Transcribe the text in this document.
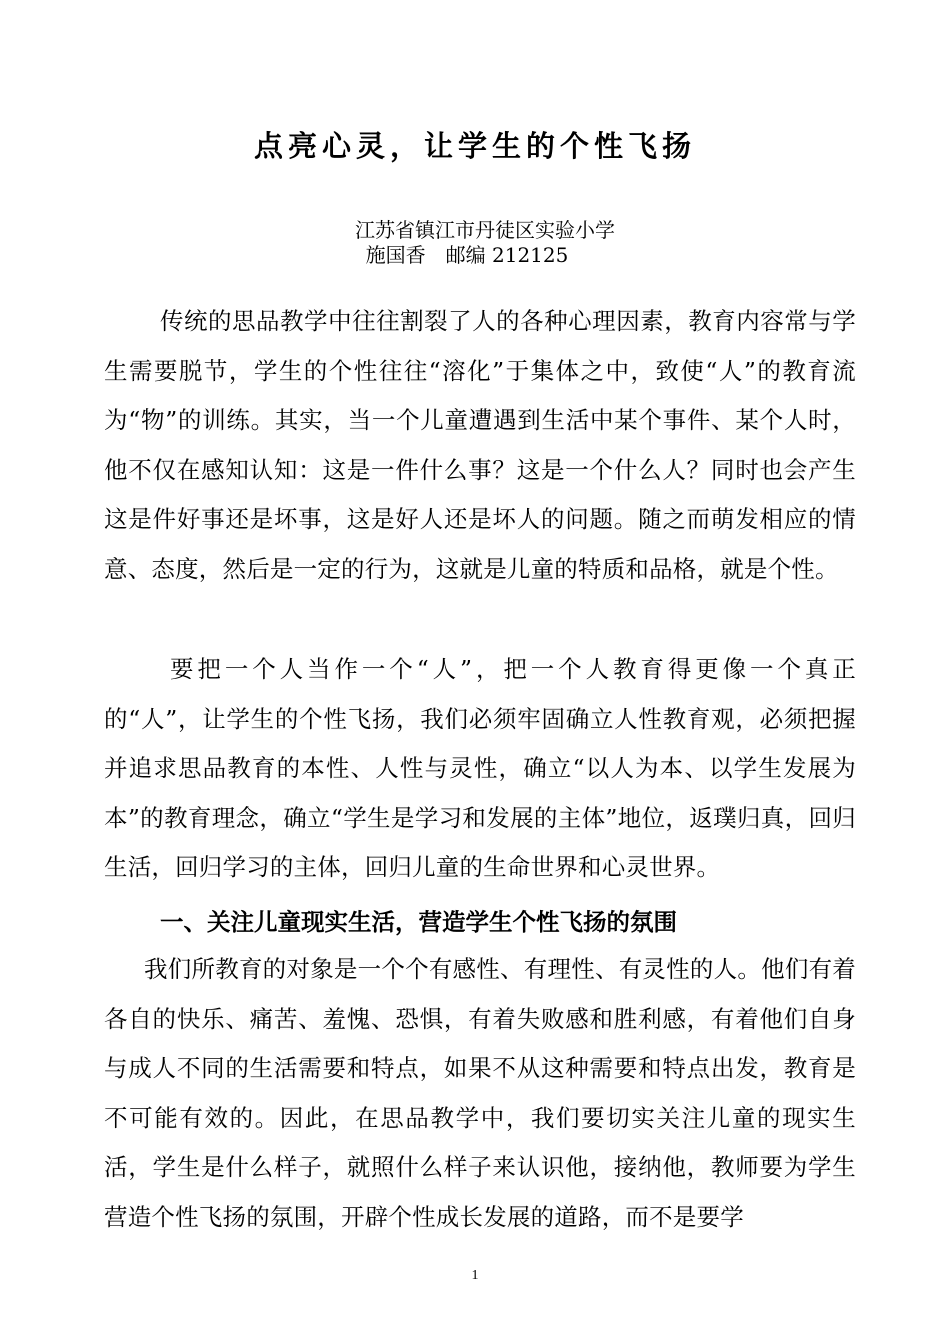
点亮心灵，让学生的个性飞扬
江苏省镇江市丹徒区实验小学
施国香　邮编 212125
传统的思品教学中往往割裂了人的各种心理因素，教育内容常与学生需要脱节，学生的个性往往“溶化”于集体之中，致使“人”的教育流为“物”的训练。其实，当一个儿童遭遇到生活中某个事件、某个人时，他不仅在感知认知：这是一件什么事？这是一个什么人？同时也会产生这是件好事还是坏事，这是好人还是坏人的问题。随之而萌发相应的情意、态度，然后是一定的行为，这就是儿童的特质和品格，就是个性。
要把一个人当作一个“人”，把一个人教育得更像一个真正的“人”，让学生的个性飞扬，我们必须牢固确立人性教育观，必须把握并追求思品教育的本性、人性与灵性，确立“以人为本、以学生发展为本”的教育理念，确立“学生是学习和发展的主体”地位，返璞归真，回归生活，回归学习的主体，回归儿童的生命世界和心灵世界。
一、关注儿童现实生活，营造学生个性飞扬的氛围
我们所教育的对象是一个个有感性、有理性、有灵性的人。他们有着各自的快乐、痛苦、羞愧、恐惧，有着失败感和胜利感，有着他们自身与成人不同的生活需要和特点，如果不从这种需要和特点出发，教育是不可能有效的。因此，在思品教学中，我们要切实关注儿童的现实生活，学生是什么样子，就照什么样子来认识他，接纳他，教师要为学生营造个性飞扬的氛围，开辟个性成长发展的道路，而不是要学
1
